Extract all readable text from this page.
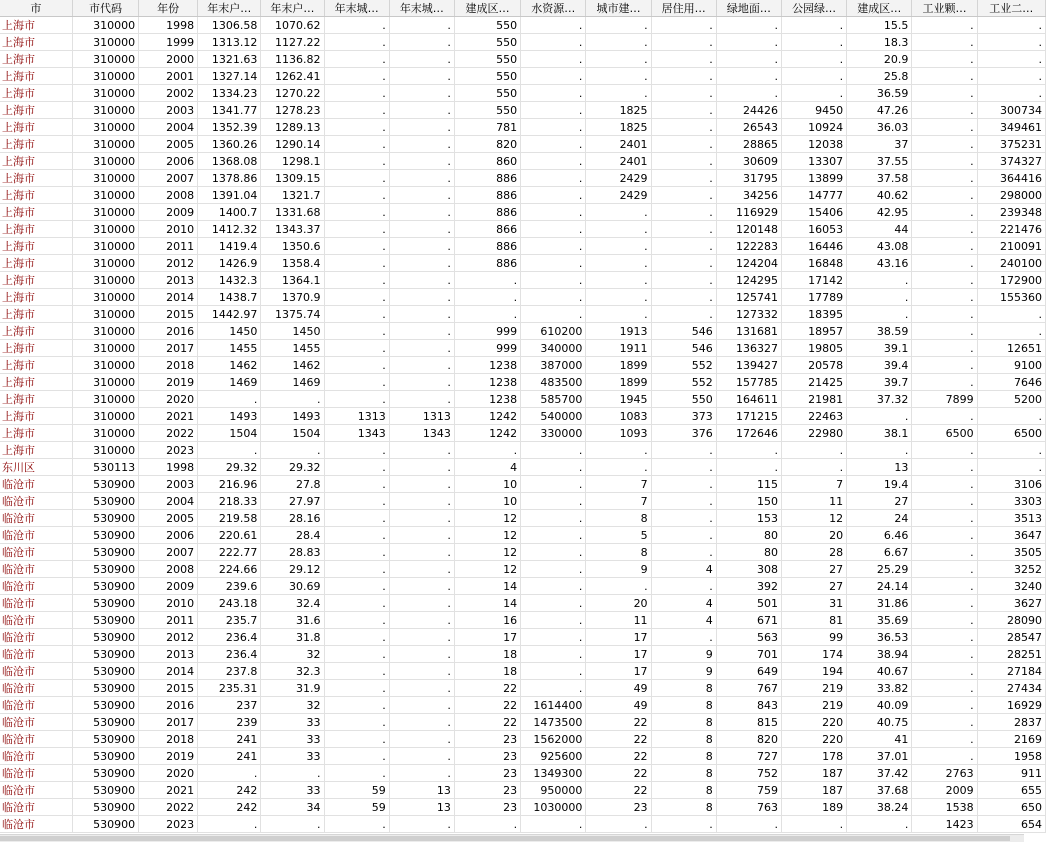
市	市代码	年份	年末户…	年末户…	年末城…	年末城…	建成区…	水资源…	城市建…	居住用…	绿地面…	公园绿…	建成区…	工业颗…	工业二…
上海市	310000	1998	1306.58	1070.62	.	.	550	.	.	.	.	.	15.5	.	.
上海市	310000	1999	1313.12	1127.22	.	.	550	.	.	.	.	.	18.3	.	.
上海市	310000	2000	1321.63	1136.82	.	.	550	.	.	.	.	.	20.9	.	.
上海市	310000	2001	1327.14	1262.41	.	.	550	.	.	.	.	.	25.8	.	.
上海市	310000	2002	1334.23	1270.22	.	.	550	.	.	.	.	.	36.59	.	.
上海市	310000	2003	1341.77	1278.23	.	.	550	.	1825	.	24426	9450	47.26	.	300734
上海市	310000	2004	1352.39	1289.13	.	.	781	.	1825	.	26543	10924	36.03	.	349461
上海市	310000	2005	1360.26	1290.14	.	.	820	.	2401	.	28865	12038	37	.	375231
上海市	310000	2006	1368.08	1298.1	.	.	860	.	2401	.	30609	13307	37.55	.	374327
上海市	310000	2007	1378.86	1309.15	.	.	886	.	2429	.	31795	13899	37.58	.	364416
上海市	310000	2008	1391.04	1321.7	.	.	886	.	2429	.	34256	14777	40.62	.	298000
上海市	310000	2009	1400.7	1331.68	.	.	886	.	.	.	116929	15406	42.95	.	239348
上海市	310000	2010	1412.32	1343.37	.	.	866	.	.	.	120148	16053	44	.	221476
上海市	310000	2011	1419.4	1350.6	.	.	886	.	.	.	122283	16446	43.08	.	210091
上海市	310000	2012	1426.9	1358.4	.	.	886	.	.	.	124204	16848	43.16	.	240100
上海市	310000	2013	1432.3	1364.1	.	.	.	.	.	.	124295	17142	.	.	172900
上海市	310000	2014	1438.7	1370.9	.	.	.	.	.	.	125741	17789	.	.	155360
上海市	310000	2015	1442.97	1375.74	.	.	.	.	.	.	127332	18395	.	.	.
上海市	310000	2016	1450	1450	.	.	999	610200	1913	546	131681	18957	38.59	.	.
上海市	310000	2017	1455	1455	.	.	999	340000	1911	546	136327	19805	39.1	.	12651
上海市	310000	2018	1462	1462	.	.	1238	387000	1899	552	139427	20578	39.4	.	9100
上海市	310000	2019	1469	1469	.	.	1238	483500	1899	552	157785	21425	39.7	.	7646
上海市	310000	2020	.	.	.	.	1238	585700	1945	550	164611	21981	37.32	7899	5200
上海市	310000	2021	1493	1493	1313	1313	1242	540000	1083	373	171215	22463	.	.	.
上海市	310000	2022	1504	1504	1343	1343	1242	330000	1093	376	172646	22980	38.1	6500	6500
上海市	310000	2023	.	.	.	.	.	.	.	.	.	.	.	.	.
东川区	530113	1998	29.32	29.32	.	.	4	.	.	.	.	.	13	.	.
临沧市	530900	2003	216.96	27.8	.	.	10	.	7	.	115	7	19.4	.	3106
临沧市	530900	2004	218.33	27.97	.	.	10	.	7	.	150	11	27	.	3303
临沧市	530900	2005	219.58	28.16	.	.	12	.	8	.	153	12	24	.	3513
临沧市	530900	2006	220.61	28.4	.	.	12	.	5	.	80	20	6.46	.	3647
临沧市	530900	2007	222.77	28.83	.	.	12	.	8	.	80	28	6.67	.	3505
临沧市	530900	2008	224.66	29.12	.	.	12	.	9	4	308	27	25.29	.	3252
临沧市	530900	2009	239.6	30.69	.	.	14	.	.	.	392	27	24.14	.	3240
临沧市	530900	2010	243.18	32.4	.	.	14	.	20	4	501	31	31.86	.	3627
临沧市	530900	2011	235.7	31.6	.	.	16	.	11	4	671	81	35.69	.	28090
临沧市	530900	2012	236.4	31.8	.	.	17	.	17	.	563	99	36.53	.	28547
临沧市	530900	2013	236.4	32	.	.	18	.	17	9	701	174	38.94	.	28251
临沧市	530900	2014	237.8	32.3	.	.	18	.	17	9	649	194	40.67	.	27184
临沧市	530900	2015	235.31	31.9	.	.	22	.	49	8	767	219	33.82	.	27434
临沧市	530900	2016	237	32	.	.	22	1614400	49	8	843	219	40.09	.	16929
临沧市	530900	2017	239	33	.	.	22	1473500	22	8	815	220	40.75	.	2837
临沧市	530900	2018	241	33	.	.	23	1562000	22	8	820	220	41	.	2169
临沧市	530900	2019	241	33	.	.	23	925600	22	8	727	178	37.01	.	1958
临沧市	530900	2020	.	.	.	.	23	1349300	22	8	752	187	37.42	2763	911
临沧市	530900	2021	242	33	59	13	23	950000	22	8	759	187	37.68	2009	655
临沧市	530900	2022	242	34	59	13	23	1030000	23	8	763	189	38.24	1538	650
临沧市	530900	2023	.	.	.	.	.	.	.	.	.	.	.	1423	654
